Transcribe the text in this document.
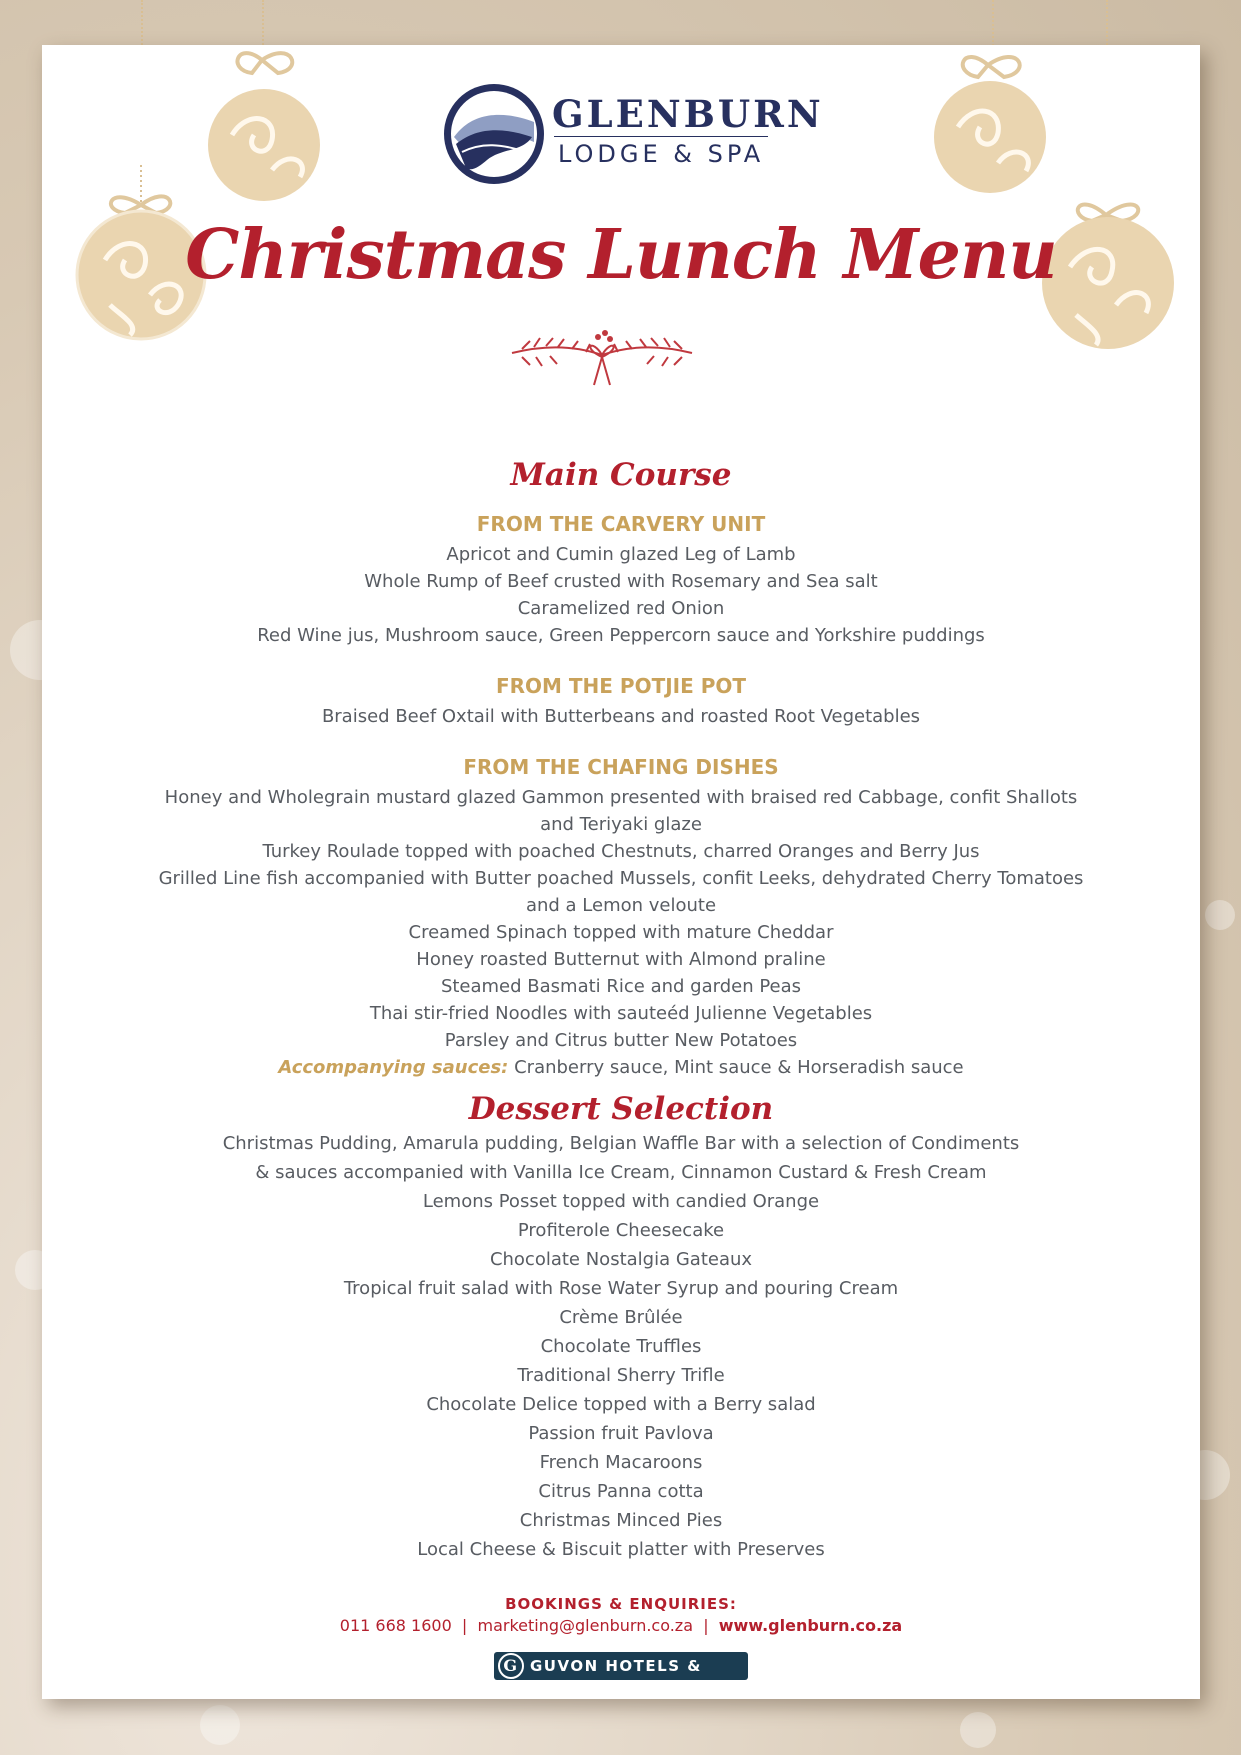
GLENBURN
LODGE & SPA
Christmas Lunch Menu
Main Course
FROM THE CARVERY UNIT

Apricot and Cumin glazed Leg of Lamb

Whole Rump of Beef crusted with Rosemary and Sea salt

Caramelized red Onion

Red Wine jus, Mushroom sauce, Green Peppercorn sauce and Yorkshire puddings

FROM THE POTJIE POT

Braised Beef Oxtail with Butterbeans and roasted Root Vegetables

FROM THE CHAFING DISHES

Honey and Wholegrain mustard glazed Gammon presented with braised red Cabbage, confit Shallots

and Teriyaki glaze

Turkey Roulade topped with poached Chestnuts, charred Oranges and Berry Jus

Grilled Line fish accompanied with Butter poached Mussels, confit Leeks, dehydrated Cherry Tomatoes

and a Lemon veloute

Creamed Spinach topped with mature Cheddar

Honey roasted Butternut with Almond praline

Steamed Basmati Rice and garden Peas

Thai stir-fried Noodles with sauteéd Julienne Vegetables

Parsley and Citrus butter New Potatoes

Accompanying sauces: Cranberry sauce, Mint sauce & Horseradish sauce

Dessert Selection

Christmas Pudding, Amarula pudding, Belgian Waffle Bar with a selection of Condiments

& sauces accompanied with Vanilla Ice Cream, Cinnamon Custard & Fresh Cream

Lemons Posset topped with candied Orange

Profiterole Cheesecake

Chocolate Nostalgia Gateaux

Tropical fruit salad with Rose Water Syrup and pouring Cream

Crème Brûlée

Chocolate Truffles

Traditional Sherry Trifle

Chocolate Delice topped with a Berry salad

Passion fruit Pavlova

French Macaroons

Citrus Panna cotta

Christmas Minced Pies

Local Cheese & Biscuit platter with Preserves

BOOKINGS & ENQUIRIES:
011 668 1600 | marketing@glenburn.co.za | www.glenburn.co.za
G GUVON HOTELS & SPAS
